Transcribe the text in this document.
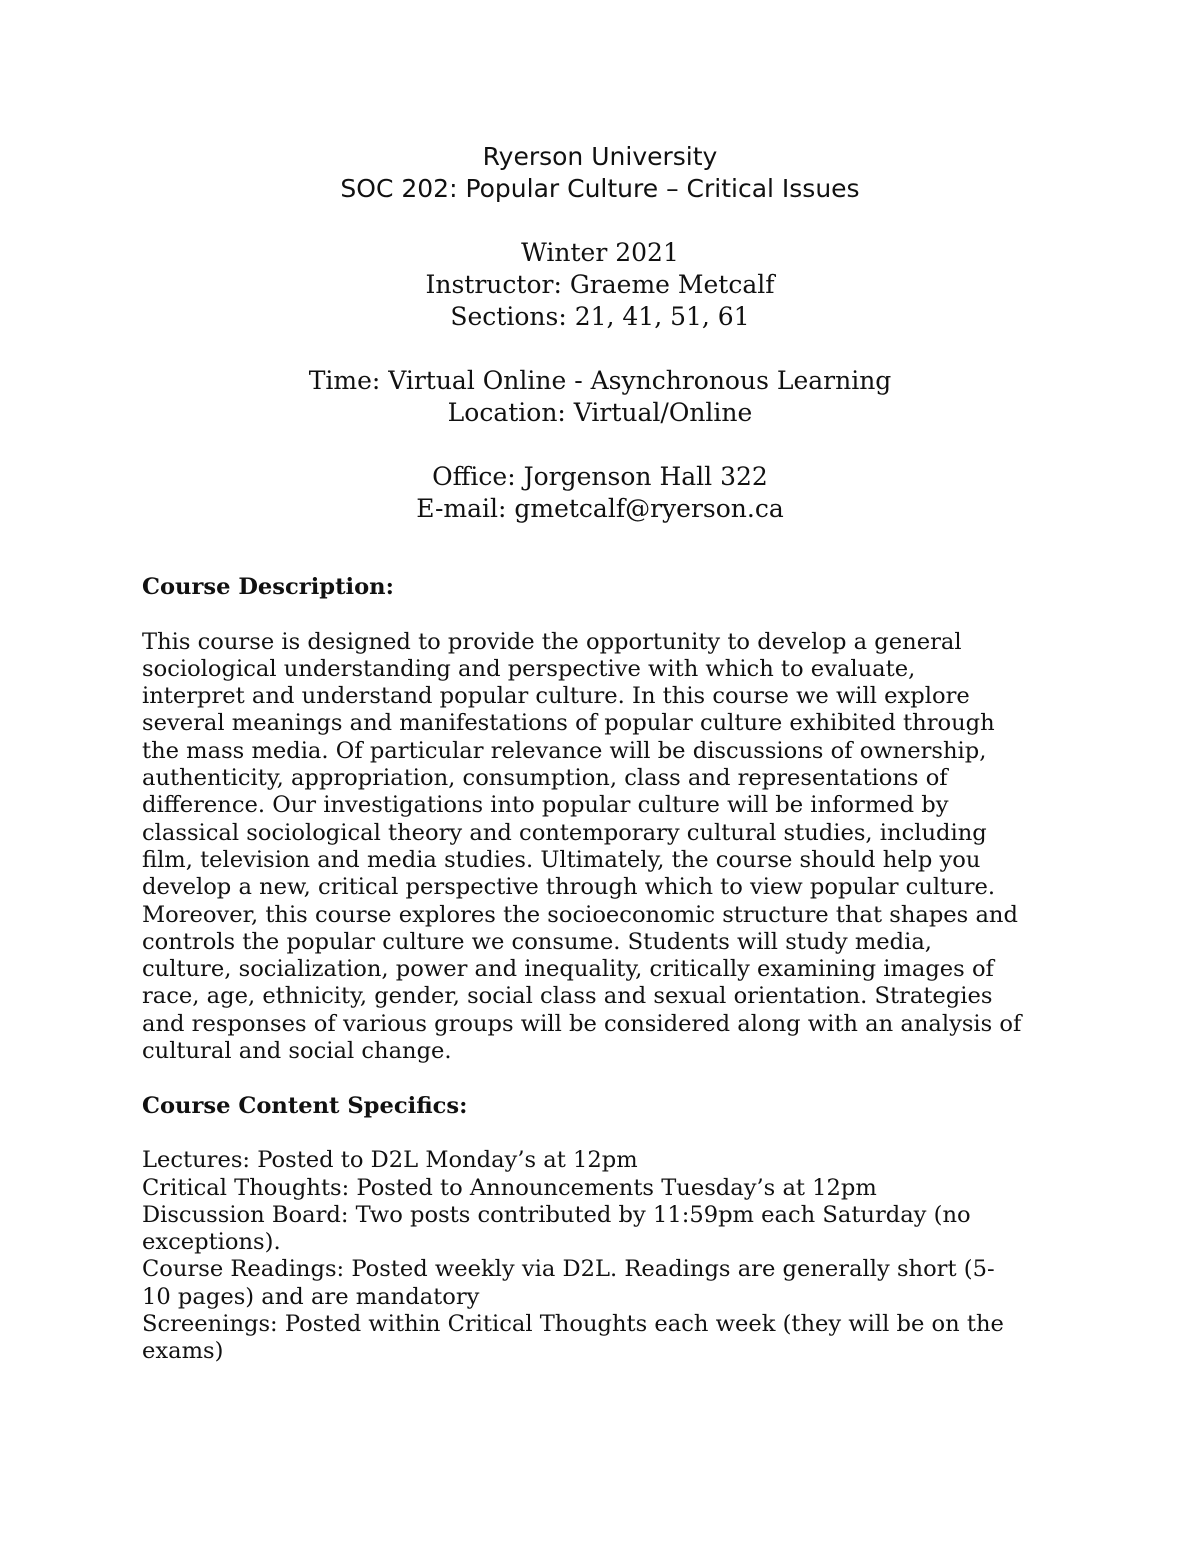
Ryerson University
SOC 202: Popular Culture – Critical Issues
Winter 2021
Instructor: Graeme Metcalf
Sections: 21, 41, 51, 61
Time: Virtual Online - Asynchronous Learning
Location: Virtual/Online
Office: Jorgenson Hall 322
E-mail: gmetcalf@ryerson.ca
Course Description:
This course is designed to provide the opportunity to develop a general
sociological understanding and perspective with which to evaluate,
interpret and understand popular culture. In this course we will explore
several meanings and manifestations of popular culture exhibited through
the mass media. Of particular relevance will be discussions of ownership,
authenticity, appropriation, consumption, class and representations of
difference. Our investigations into popular culture will be informed by
classical sociological theory and contemporary cultural studies, including
film, television and media studies. Ultimately, the course should help you
develop a new, critical perspective through which to view popular culture.
Moreover, this course explores the socioeconomic structure that shapes and
controls the popular culture we consume. Students will study media,
culture, socialization, power and inequality, critically examining images of
race, age, ethnicity, gender, social class and sexual orientation. Strategies
and responses of various groups will be considered along with an analysis of
cultural and social change.
Course Content Specifics:
Lectures: Posted to D2L Monday’s at 12pm
Critical Thoughts: Posted to Announcements Tuesday’s at 12pm
Discussion Board: Two posts contributed by 11:59pm each Saturday (no
exceptions).
Course Readings: Posted weekly via D2L. Readings are generally short (5-
10 pages) and are mandatory
Screenings: Posted within Critical Thoughts each week (they will be on the
exams)
